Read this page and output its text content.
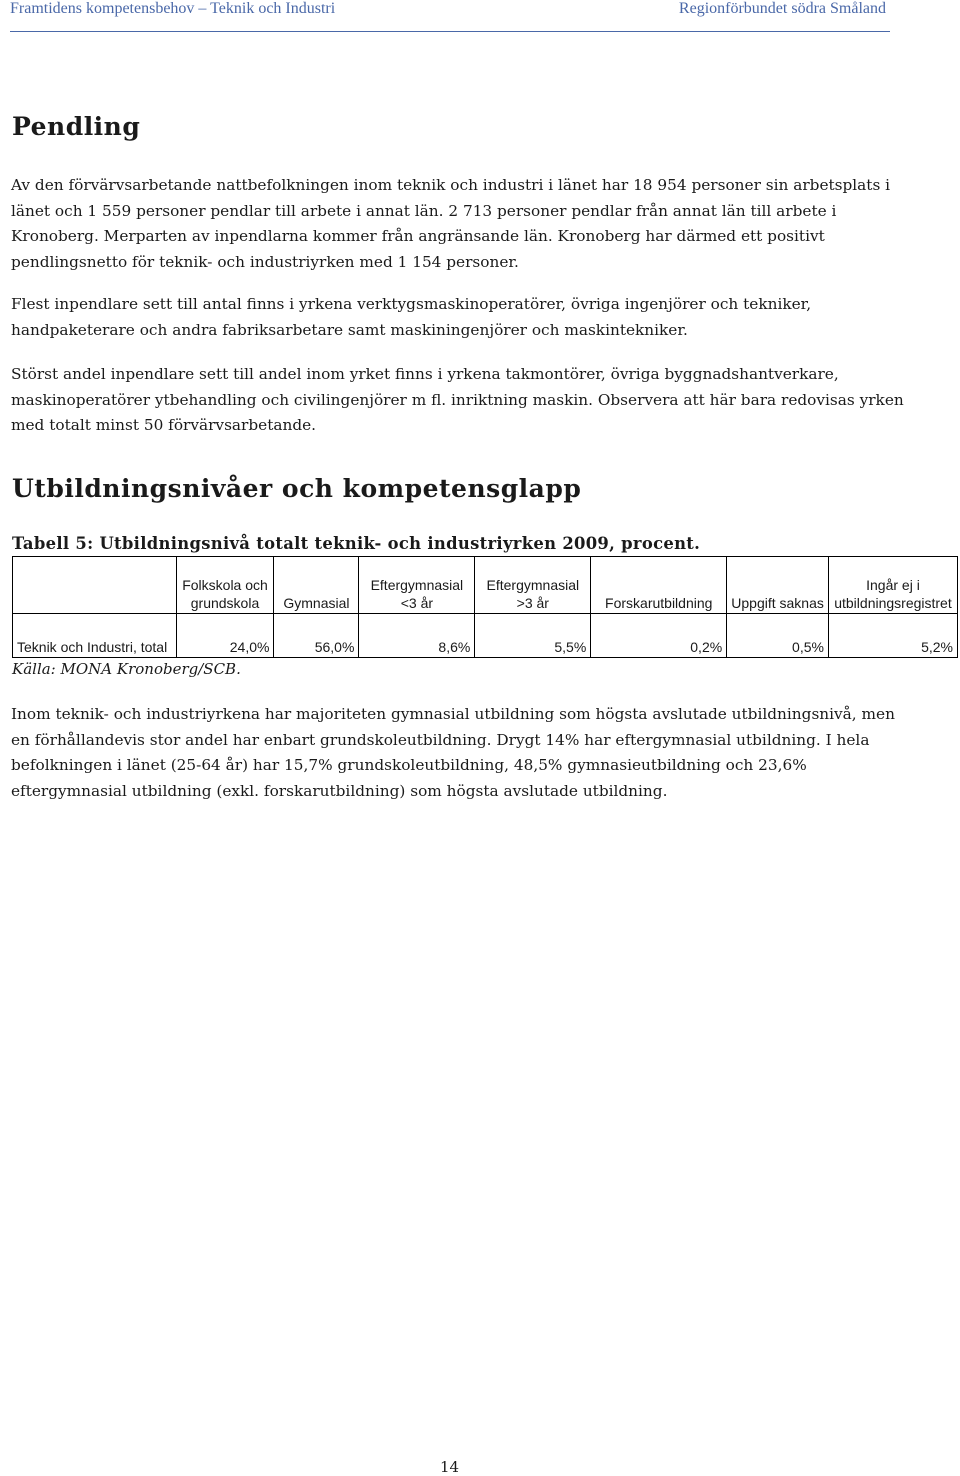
Framtidens kompetensbehov – Teknik och Industri	Regionförbundet södra Småland
Pendling

Av den förvärvsarbetande nattbefolkningen inom teknik och industri i länet har 18 954 personer sin arbetsplats i länet och 1 559 personer pendlar till arbete i annat län. 2 713 personer pendlar från annat län till arbete i Kronoberg. Merparten av inpendlarna kommer från angränsande län. Kronoberg har därmed ett positivt pendlingsnetto för teknik- och industriyrken med 1 154 personer.

Flest inpendlare sett till antal finns i yrkena verktygsmaskinoperatörer, övriga ingenjörer och tekniker, handpaketerare och andra fabriksarbetare samt maskiningenjörer och maskintekniker.

Störst andel inpendlare sett till andel inom yrket finns i yrkena takmontörer, övriga byggnadshantverkare, maskinoperatörer ytbehandling och civilingenjörer m fl. inriktning maskin. Observera att här bara redovisas yrken med totalt minst 50 förvärvsarbetande.

Utbildningsnivåer och kompetensglapp

Tabell 5: Utbildningsnivå totalt teknik- och industriyrken 2009, procent.

	Folkskola och grundskola	Gymnasial	Eftergymnasial <3 år	Eftergymnasial >3 år	Forskarutbildning	Uppgift saknas	Ingår ej i utbildningsregistret
Teknik och Industri, total	24,0%	56,0%	8,6%	5,5%	0,2%	0,5%	5,2%

Källa: MONA Kronoberg/SCB.

Inom teknik- och industriyrkena har majoriteten gymnasial utbildning som högsta avslutade utbildningsnivå, men en förhållandevis stor andel har enbart grundskoleutbildning. Drygt 14% har eftergymnasial utbildning. I hela befolkningen i länet (25-64 år) har 15,7% grundskoleutbildning, 48,5% gymnasieutbildning och 23,6% eftergymnasial utbildning (exkl. forskarutbildning) som högsta avslutade utbildning.

14
